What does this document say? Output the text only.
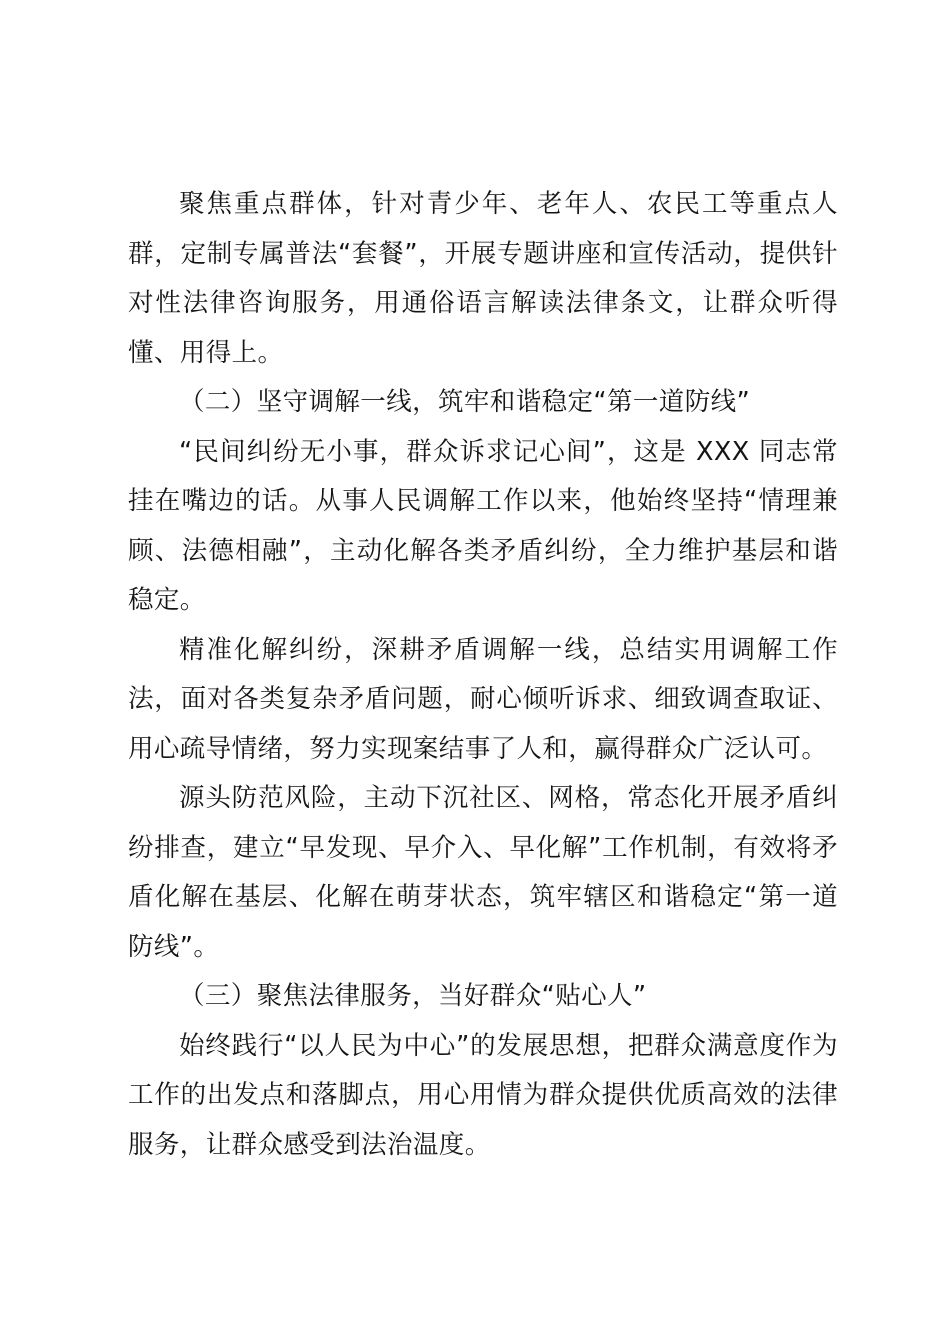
聚焦重点群体，针对青少年、老年人、农民工等重点人群，定制专属普法“套餐”，开展专题讲座和宣传活动，提供针对性法律咨询服务，用通俗语言解读法律条文，让群众听得懂、用得上。

（二）坚守调解一线，筑牢和谐稳定“第一道防线”

“民间纠纷无小事，群众诉求记心间”，这是 XXX 同志常挂在嘴边的话。从事人民调解工作以来，他始终坚持“情理兼顾、法德相融”，主动化解各类矛盾纠纷，全力维护基层和谐稳定。

精准化解纠纷，深耕矛盾调解一线，总结实用调解工作法，面对各类复杂矛盾问题，耐心倾听诉求、细致调查取证、用心疏导情绪，努力实现案结事了人和，赢得群众广泛认可。

源头防范风险，主动下沉社区、网格，常态化开展矛盾纠纷排查，建立“早发现、早介入、早化解”工作机制，有效将矛盾化解在基层、化解在萌芽状态，筑牢辖区和谐稳定“第一道防线”。

（三）聚焦法律服务，当好群众“贴心人”

始终践行“以人民为中心”的发展思想，把群众满意度作为工作的出发点和落脚点，用心用情为群众提供优质高效的法律服务，让群众感受到法治温度。
